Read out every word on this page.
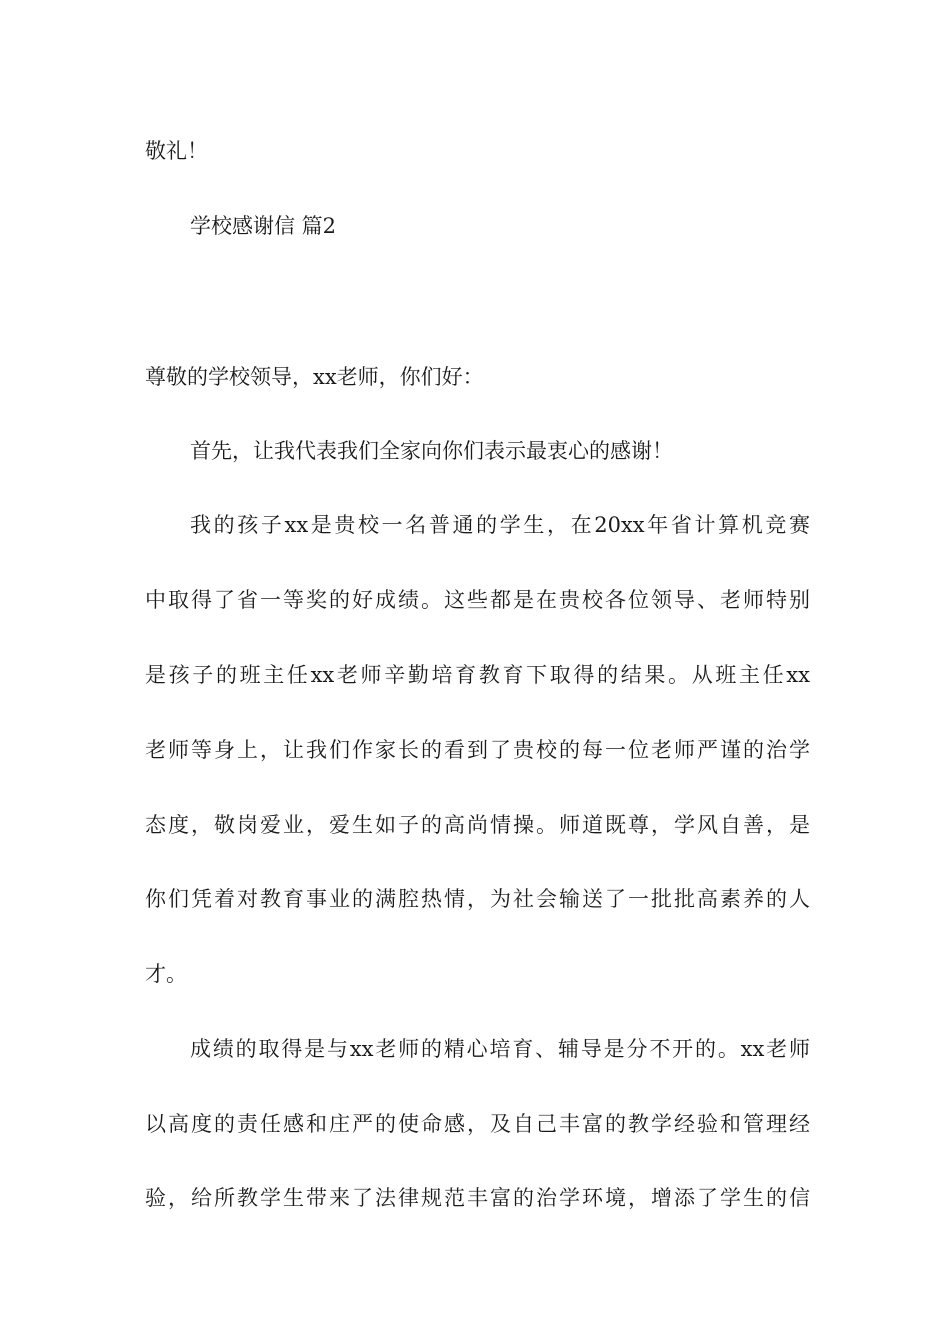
敬礼！

学校感谢信 篇2

尊敬的学校领导，xx老师，你们好：

首先，让我代表我们全家向你们表示最衷心的感谢！

我的孩子xx是贵校一名普通的学生，在20xx年省计算机竞赛

中取得了省一等奖的好成绩。这些都是在贵校各位领导、老师特别

是孩子的班主任xx老师辛勤培育教育下取得的结果。从班主任xx

老师等身上，让我们作家长的看到了贵校的每一位老师严谨的治学

态度，敬岗爱业，爱生如子的高尚情操。师道既尊，学风自善，是

你们凭着对教育事业的满腔热情，为社会输送了一批批高素养的人

才。

成绩的取得是与xx老师的精心培育、辅导是分不开的。xx老师

以高度的责任感和庄严的使命感，及自己丰富的教学经验和管理经

验，给所教学生带来了法律规范丰富的治学环境，增添了学生的信
